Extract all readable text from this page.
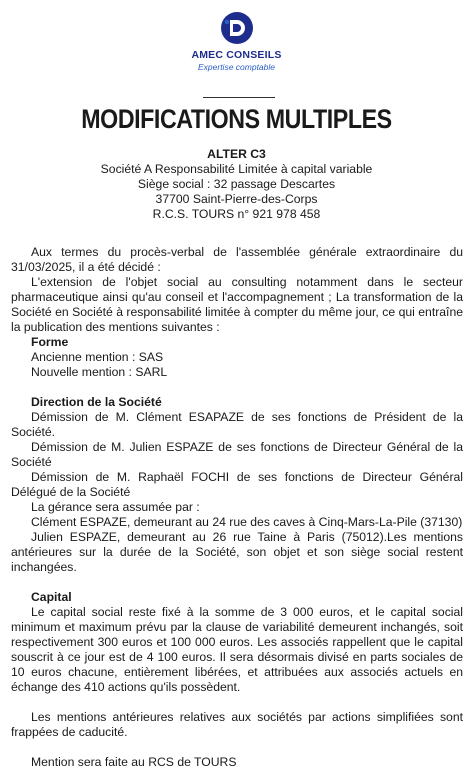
AMEC CONSEILS
Expertise comptable
MODIFICATIONS MULTIPLES
ALTER C3
Société A Responsabilité Limitée à capital variable
Siège social : 32 passage Descartes
37700 Saint-Pierre-des-Corps
R.C.S. TOURS n° 921 978 458

Aux termes du procès-verbal de l'assemblée générale extraordinaire du 31/03/2025, il a été décidé :

L'extension de l'objet social au consulting notamment dans le secteur pharmaceutique ainsi qu'au conseil et l'accompagnement ; La transformation de la Société en Société à responsabilité limitée à compter du même jour, ce qui entraîne la publication des mentions suivantes :

Forme

Ancienne mention : SAS

Nouvelle mention : SARL

Direction de la Société

Démission de M. Clément ESAPAZE de ses fonctions de Président de la Société.

Démission de M. Julien ESPAZE de ses fonctions de Directeur Général de la Société

Démission de M. Raphaël FOCHI de ses fonctions de Directeur Général Délégué de la Société

La gérance sera assumée par :

Clément ESPAZE, demeurant au 24 rue des caves à Cinq-Mars-La-Pile (37130)

Julien ESPAZE, demeurant au 26 rue Taine à Paris (75012).Les mentions antérieures sur la durée de la Société, son objet et son siège social restent inchangées.

Capital

Le capital social reste fixé à la somme de 3 000 euros, et le capital social minimum et maximum prévu par la clause de variabilité demeurent inchangés, soit respectivement 300 euros et 100 000 euros. Les associés rappellent que le capital souscrit à ce jour est de 4 100 euros. Il sera désormais divisé en parts sociales de 10 euros chacune, entièrement libérées, et attribuées aux associés actuels en échange des 410 actions qu'ils possèdent.

Les mentions antérieures relatives aux sociétés par actions simplifiées sont frappées de caducité.

Mention sera faite au RCS de TOURS
